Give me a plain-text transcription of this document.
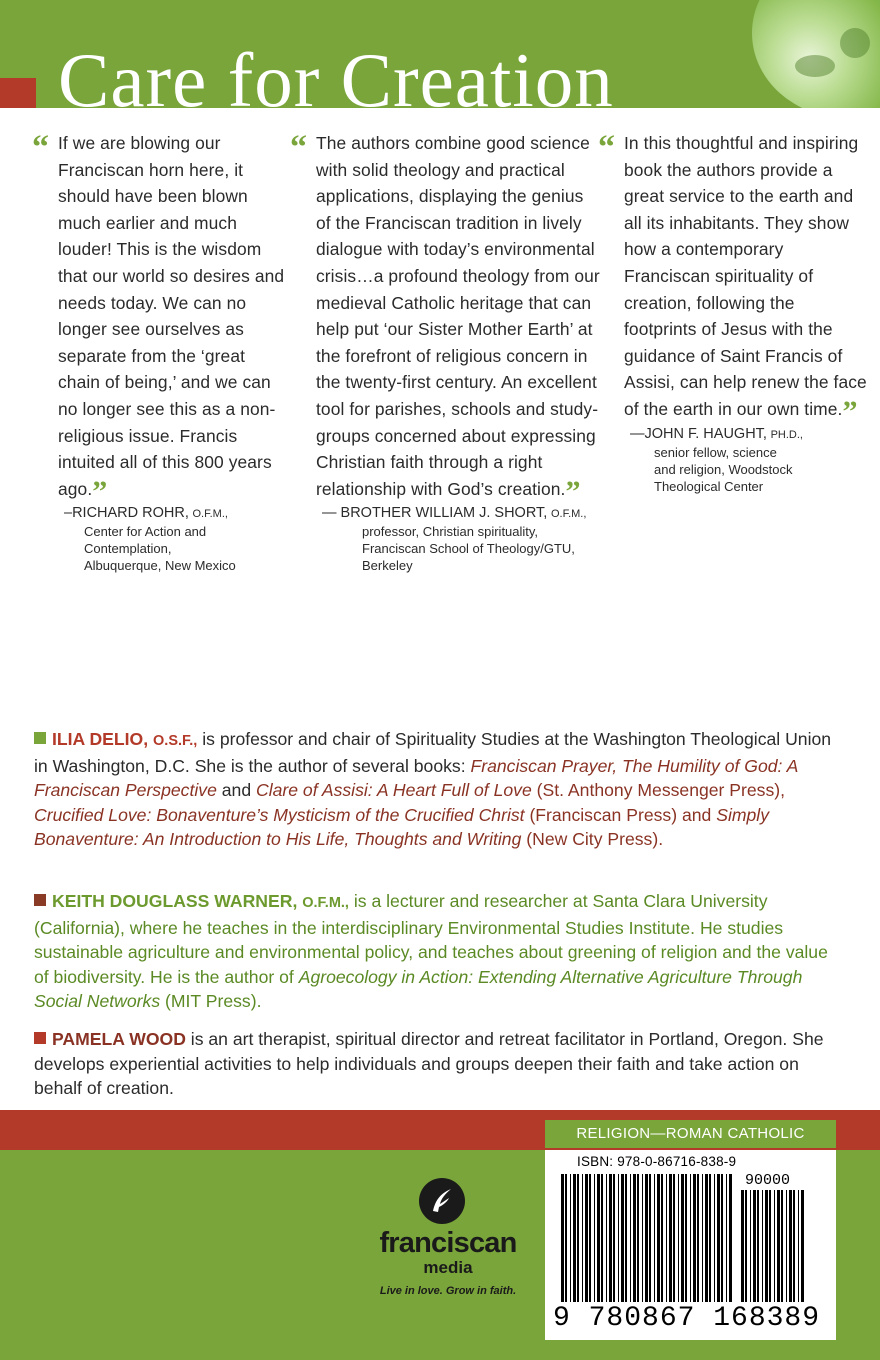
Care for Creation

“ If we are blowing our Franciscan horn here, it should have been blown much earlier and much louder! This is the wisdom that our world so desires and needs today. We can no longer see ourselves as separate from the ‘great chain of being,’ and we can no longer see this as a non-religious issue. Francis intuited all of this 800 years ago.”

–RICHARD ROHR, O.F.M.,
Center for Action and
Contemplation,
Albuquerque, New Mexico

“ The authors combine good science with solid theology and practical applications, displaying the genius of the Franciscan tradition in lively dialogue with today’s environmental crisis…a profound theology from our medieval Catholic heritage that can help put ‘our Sister Mother Earth’ at the forefront of religious concern in the twenty-first century. An excellent tool for parishes, schools and study-groups concerned about expressing Christian faith through a right relationship with God’s creation.”

— BROTHER WILLIAM J. SHORT, O.F.M.,
professor, Christian spirituality,
Franciscan School of Theology/GTU,
Berkeley

“ In this thoughtful and inspiring book the authors provide a great service to the earth and all its inhabitants. They show how a contemporary Franciscan spirituality of creation, following the footprints of Jesus with the guidance of Saint Francis of Assisi, can help renew the face of the earth in our own time.”

—JOHN F. HAUGHT, PH.D.,
senior fellow, science
and religion, Woodstock
Theological Center

ILIA DELIO, O.S.F., is professor and chair of Spirituality Studies at the Washington Theological Union in Washington, D.C. She is the author of several books: Franciscan Prayer, The Humility of God: A Franciscan Perspective and Clare of Assisi: A Heart Full of Love (St. Anthony Messenger Press), Crucified Love: Bonaventure’s Mysticism of the Crucified Christ (Franciscan Press) and Simply Bonaventure: An Introduction to His Life, Thoughts and Writing (New City Press).

KEITH DOUGLASS WARNER, O.F.M., is a lecturer and researcher at Santa Clara University (California), where he teaches in the interdisciplinary Environmental Studies Institute. He studies sustainable agriculture and environmental policy, and teaches about greening of religion and the value of biodiversity. He is the author of Agroecology in Action: Extending Alternative Agriculture Through Social Networks (MIT Press).

PAMELA WOOD is an art therapist, spiritual director and retreat facilitator in Portland, Oregon. She develops experiential activities to help individuals and groups deepen their faith and take action on behalf of creation.

RELIGION—ROMAN CATHOLIC

ISBN: 978-0-86716-838-9

90000

9 780867 168389

franciscan

media

Live in love. Grow in faith.
